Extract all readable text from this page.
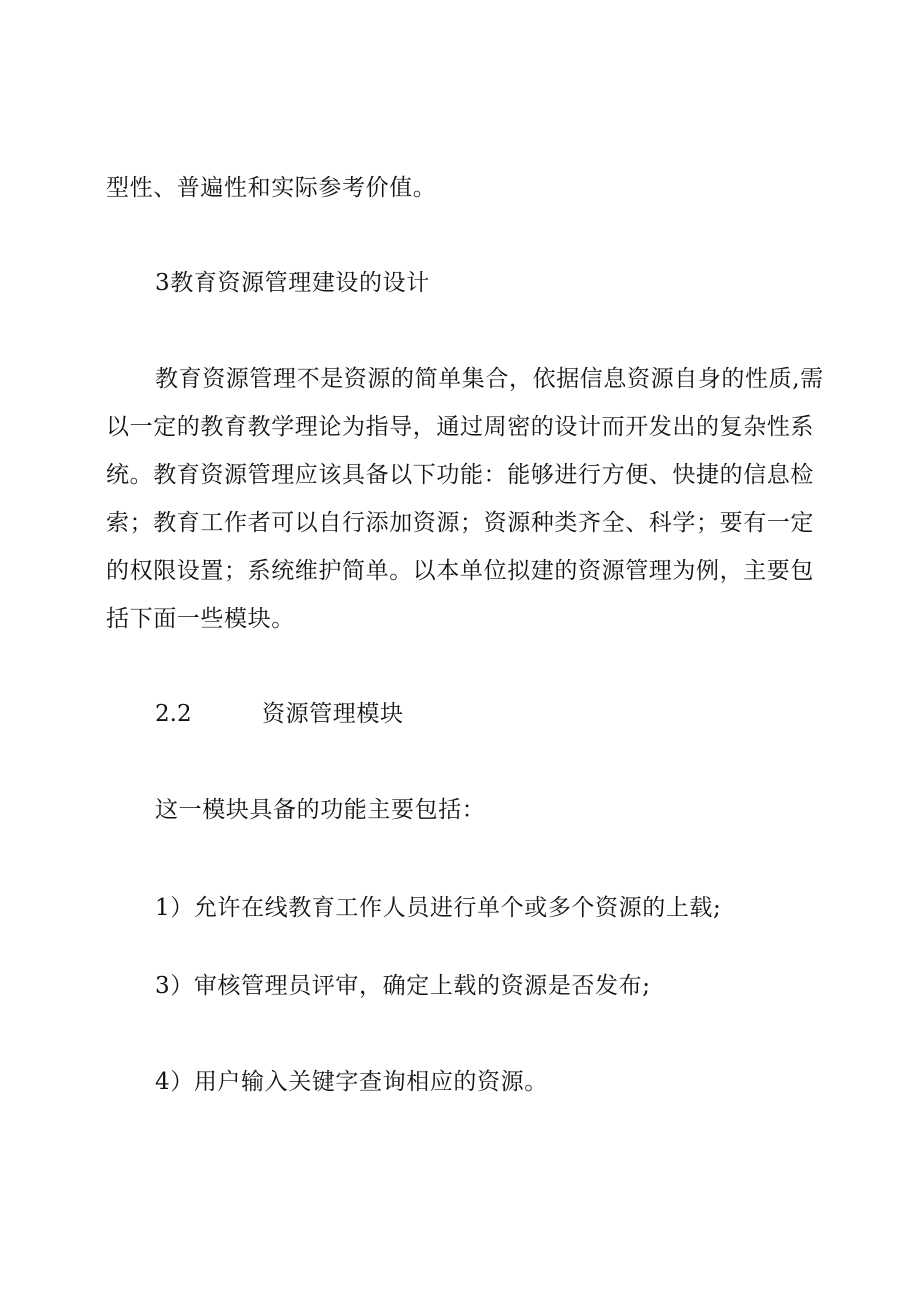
型性、普遍性和实际参考价值。
3教育资源管理建设的设计
教育资源管理不是资源的简单集合，依据信息资源自身的性质,需
以一定的教育教学理论为指导，通过周密的设计而开发出的复杂性系
统。教育资源管理应该具备以下功能：能够进行方便、快捷的信息检
索；教育工作者可以自行添加资源；资源种类齐全、科学；要有一定
的权限设置；系统维护简单。以本单位拟建的资源管理为例，主要包
括下面一些模块。
2.2	资源管理模块
这一模块具备的功能主要包括：
1）允许在线教育工作人员进行单个或多个资源的上载;
3）审核管理员评审，确定上载的资源是否发布;
4）用户输入关键字查询相应的资源。
